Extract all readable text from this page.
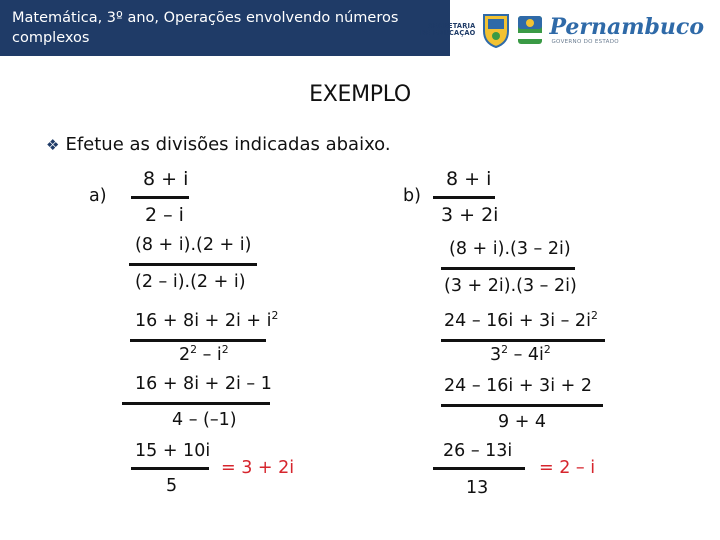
Matemática, 3º ano, Operações envolvendo números complexos
SECRETARIA
DE EDUCAÇÃO	Pernambuco
GOVERNO DO ESTADO
EXEMPLO
❖ Efetue as divisões indicadas abaixo.
a)
8 + i
2 – i
(8 + i).(2 + i)
(2 – i).(2 + i)
$16 + 8i + 2i + i^2$
$2^2 - i^2$
16 + 8i + 2i – 1
4 – (–1)
15 + 10i
5
= 3 + 2i
b)
8 + i
3 + 2i
(8 + i).(3 – 2i)
(3 + 2i).(3 – 2i)
$24 - 16i + 3i - 2i^2$
$3^2 - 4i^2$
24 – 16i + 3i + 2
9 + 4
26 – 13i
13
= 2 – i
